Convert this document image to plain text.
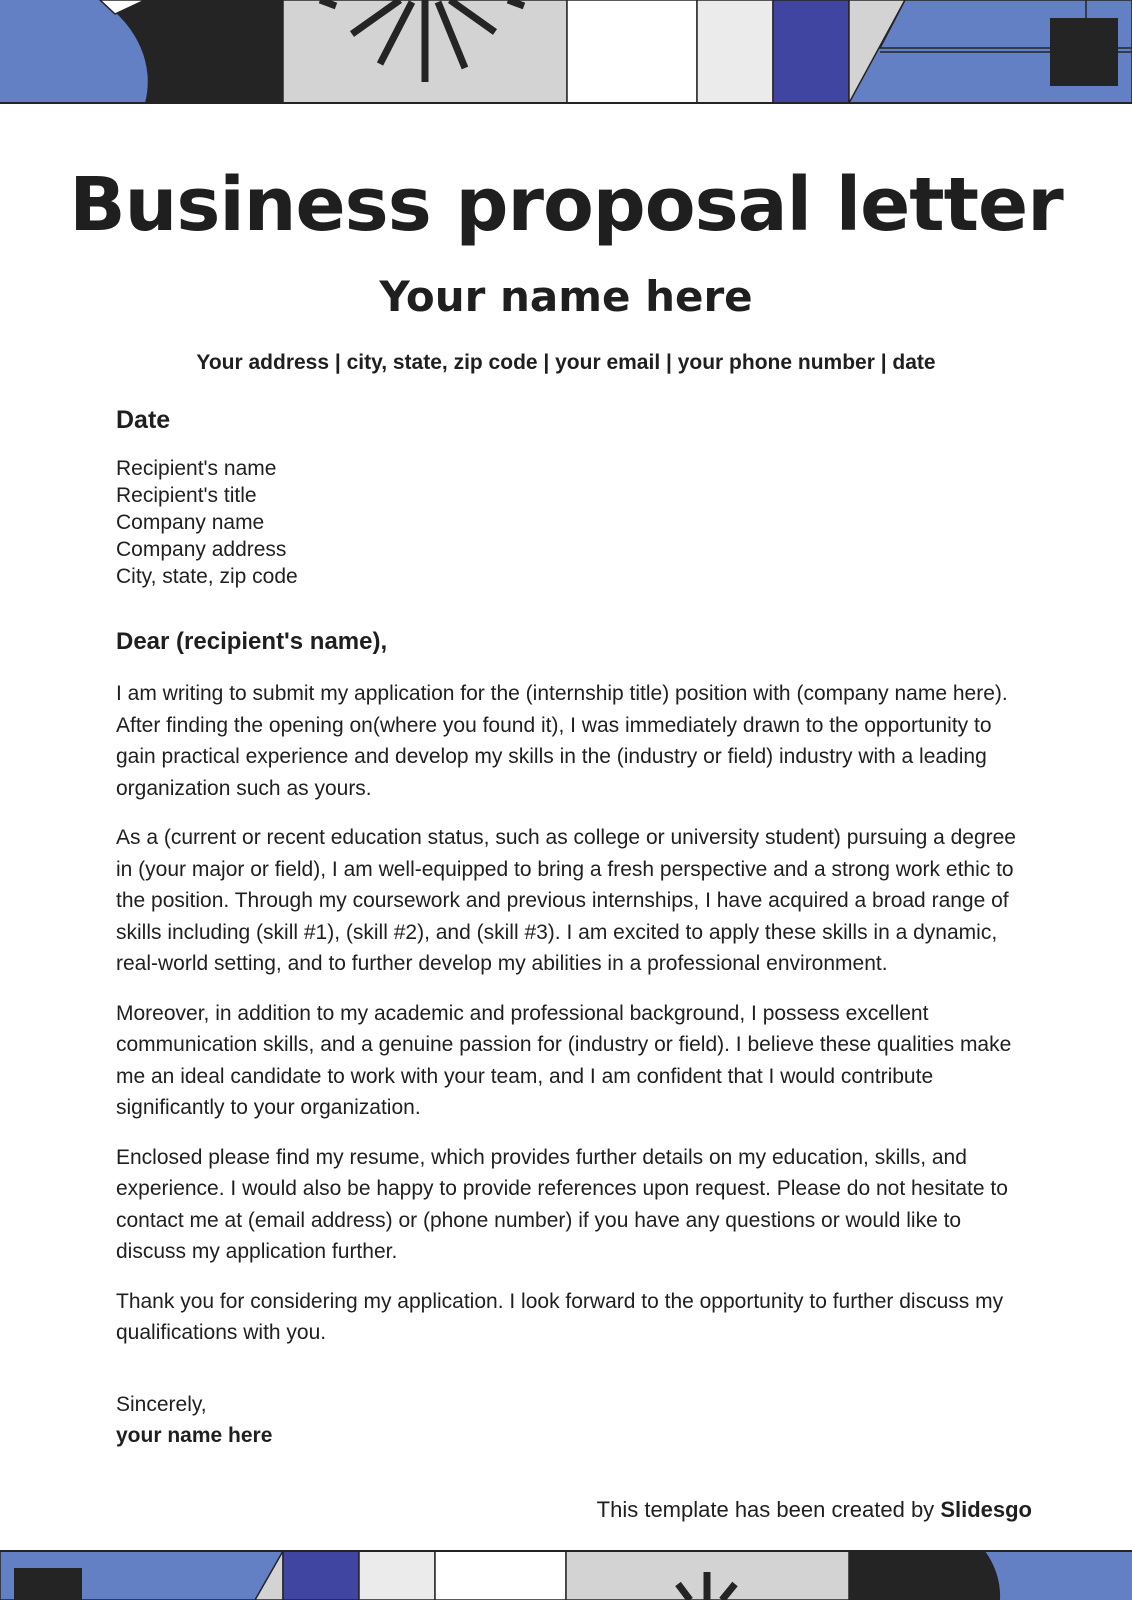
Business proposal letter
Your name here
Your address | city, state, zip code | your email | your phone number | date
Date
Recipient's name
Recipient's title
Company name
Company address
City, state, zip code
Dear (recipient's name),

I am writing to submit my application for the (internship title) position with (company name here). After finding the opening on(where you found it), I was immediately drawn to the opportunity to gain practical experience and develop my skills in the (industry or field) industry with a leading organization such as yours.

As a (current or recent education status, such as college or university student) pursuing a degree in (your major or field), I am well-equipped to bring a fresh perspective and a strong work ethic to the position. Through my coursework and previous internships, I have acquired a broad range of skills including (skill #1), (skill #2), and (skill #3). I am excited to apply these skills in a dynamic, real-world setting, and to further develop my abilities in a professional environment.

Moreover, in addition to my academic and professional background, I possess excellent communication skills, and a genuine passion for (industry or field). I believe these qualities make me an ideal candidate to work with your team, and I am confident that I would contribute significantly to your organization.

Enclosed please find my resume, which provides further details on my education, skills, and experience. I would also be happy to provide references upon request. Please do not hesitate to contact me at (email address) or (phone number) if you have any questions or would like to discuss my application further.

Thank you for considering my application. I look forward to the opportunity to further discuss my qualifications with you.

Sincerely,
your name here
This template has been created by Slidesgo
